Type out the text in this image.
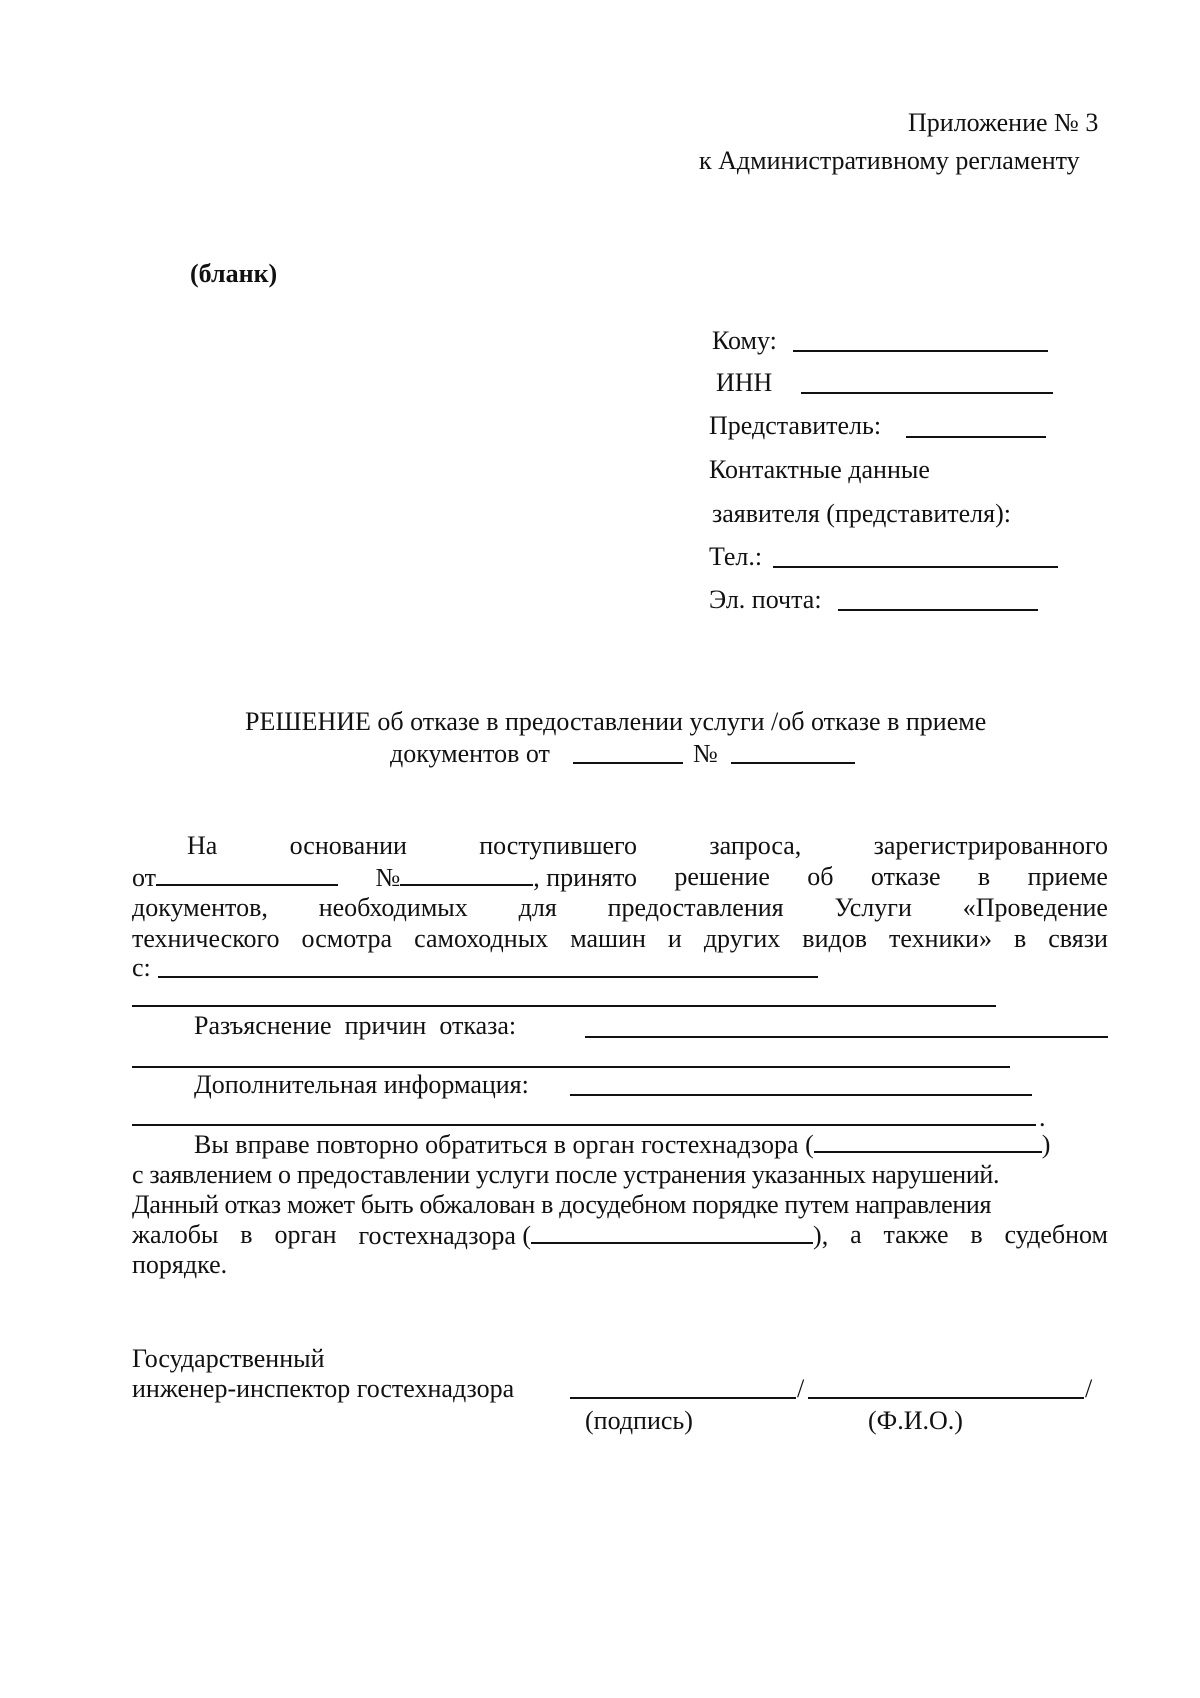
Приложение № 3
к Административному регламенту
(бланк)
Кому:
ИНН
Представитель:
Контактные данные
заявителя (представителя):
Тел.:
Эл. почта:
РЕШЕНИЕ об отказе в предоставлении услуги /об отказе в приеме
документов от	№
На	основании	поступившего	запроса,	зарегистрированного
от	№	, принято решение об отказе в приеме
документов, необходимых для предоставления Услуги «Проведение
технического осмотра самоходных машин и других видов техники» в связи
с:
Разъяснение  причин  отказа:
Дополнительная информация:
.
Вы вправе повторно обратиться в орган гостехнадзора (	)
с заявлением о предоставлении услуги после устранения указанных нарушений.
Данный отказ может быть обжалован в досудебном порядке путем направления
жалобы в орган гостехнадзора (	), а также в судебном
порядке.
Государственный
инженер-инспектор гостехнадзора	/	/
(подпись)	(Ф.И.О.)
